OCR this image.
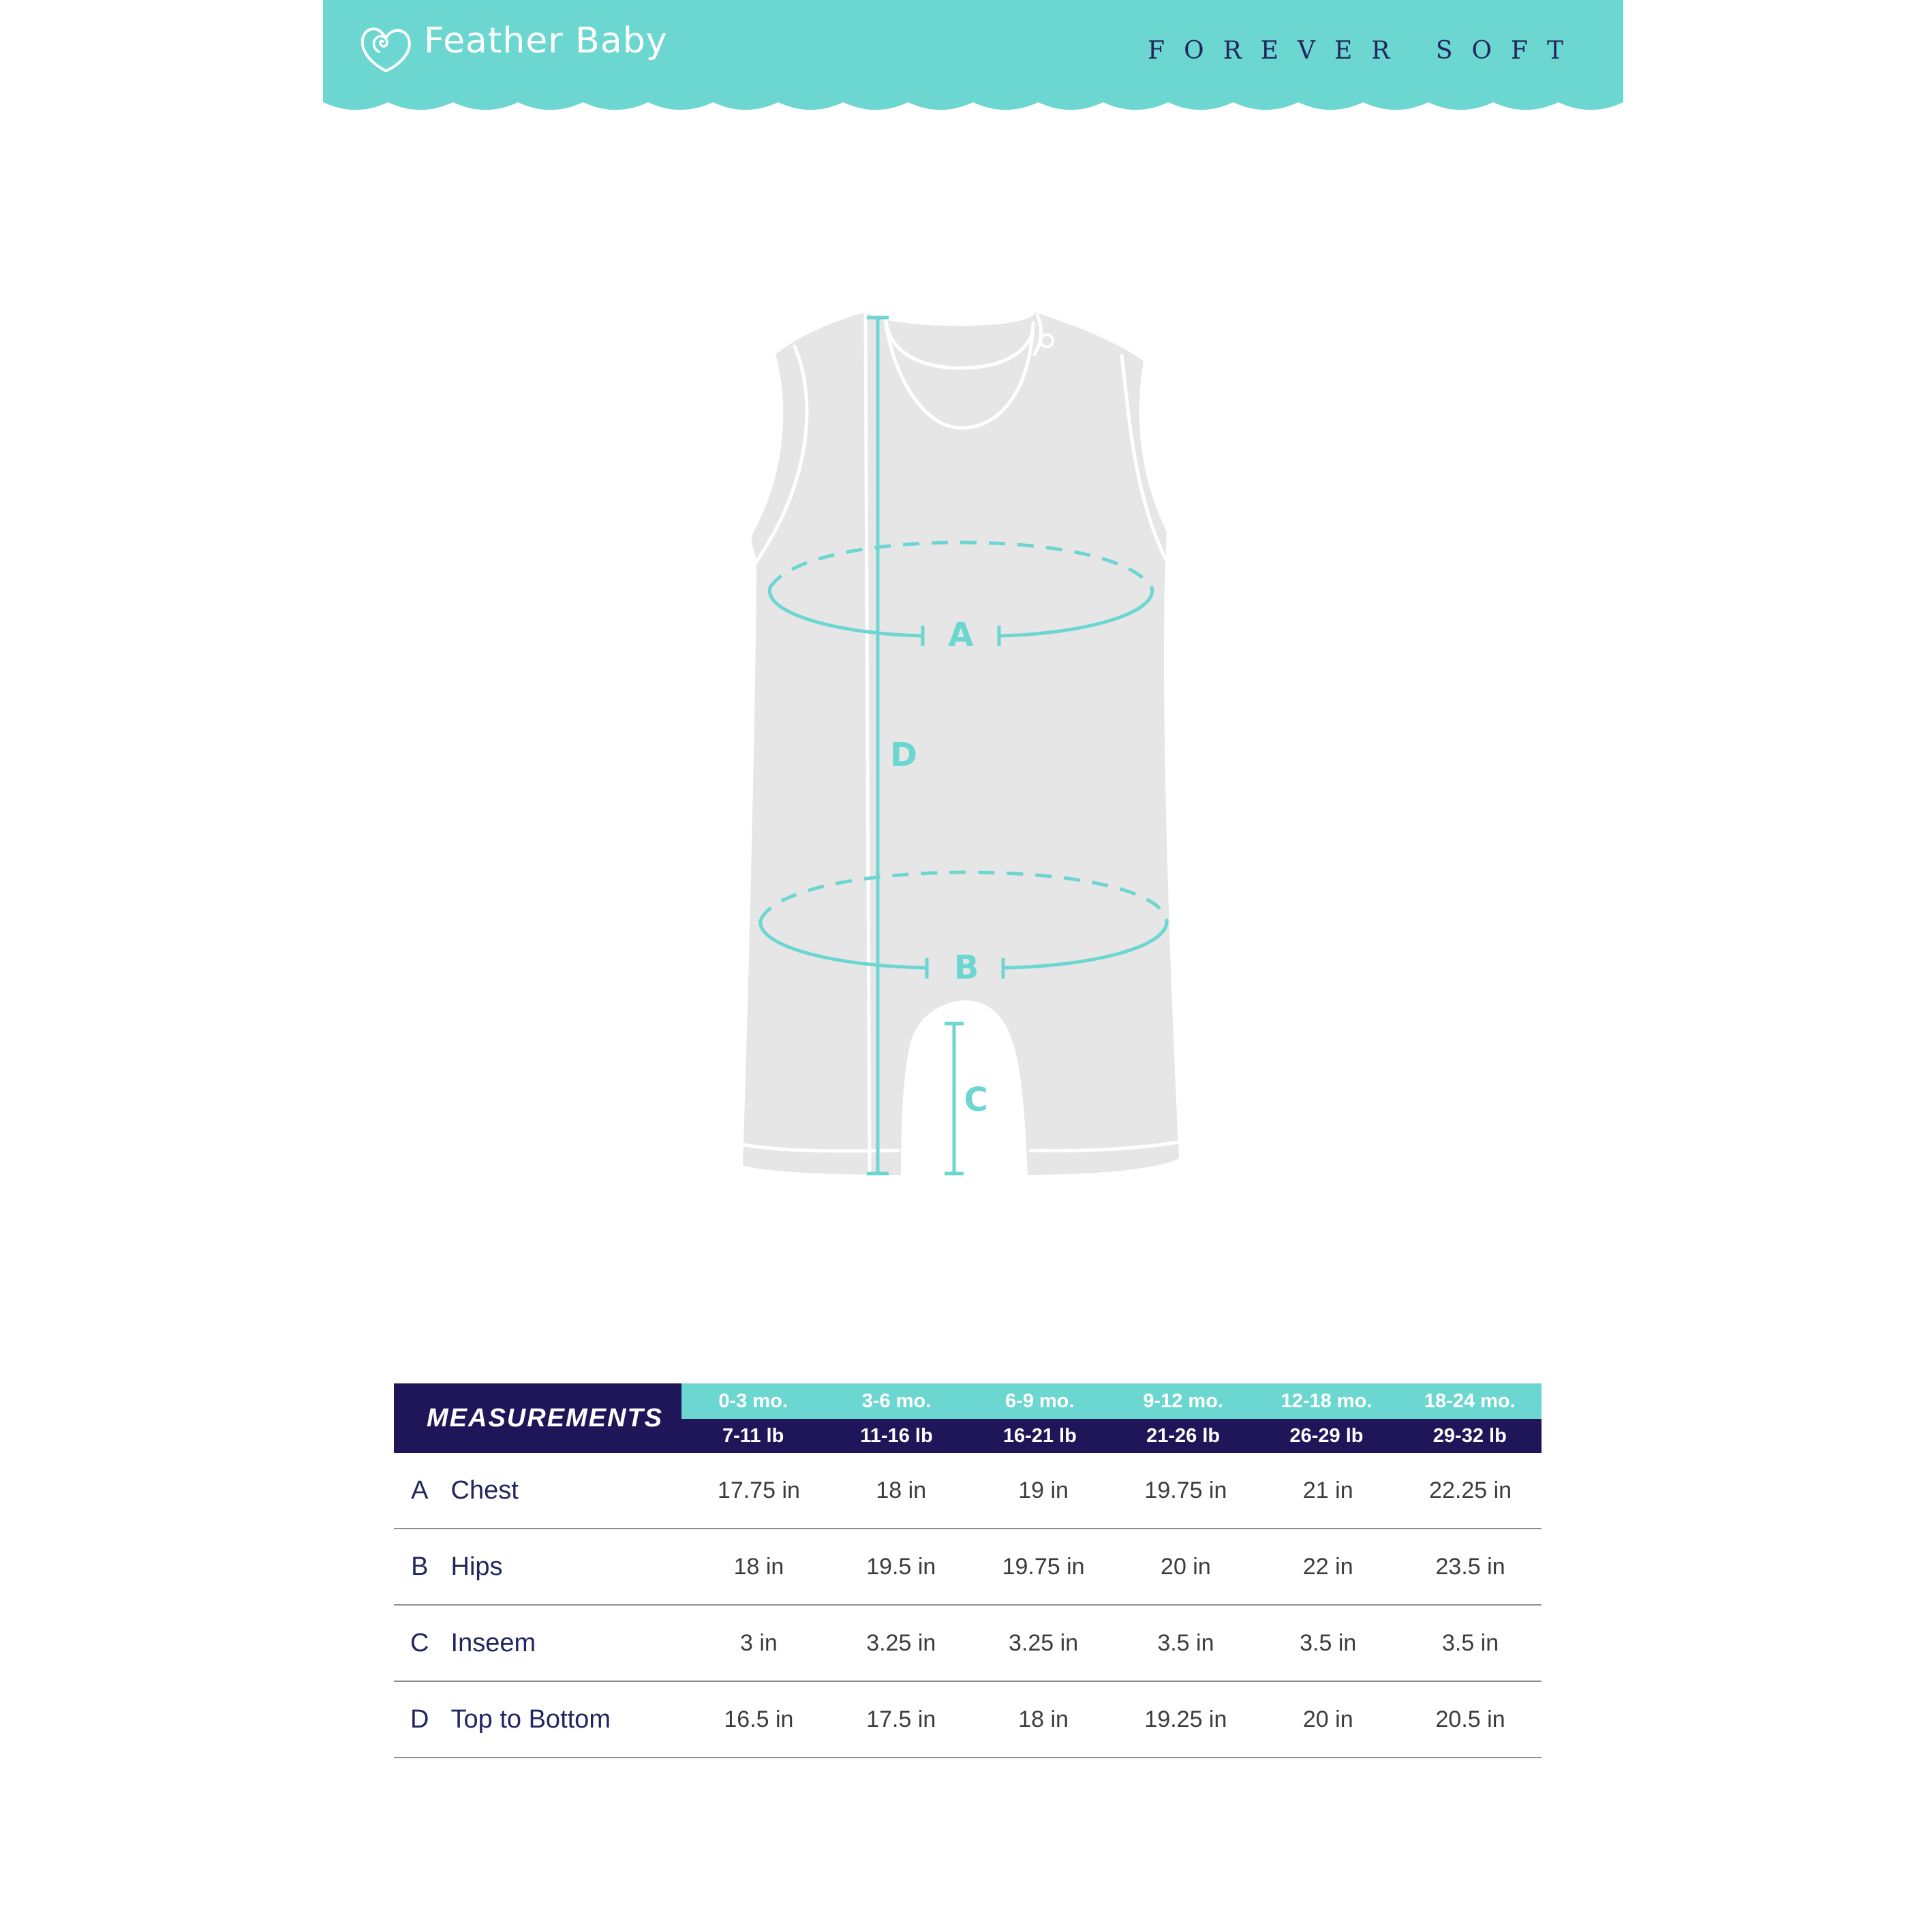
Feather Baby	FOREVER SOFT
A
B
C
D
MEASUREMENTS
0-3 mo.	3-6 mo.	6-9 mo.	9-12 mo.	12-18 mo.	18-24 mo.
7-11 lb	11-16 lb	16-21 lb	21-26 lb	26-29 lb	29-32 lb
A Chest	17.75 in	18 in	19 in	19.75 in	21 in	22.25 in
B Hips	18 in	19.5 in	19.75 in	20 in	22 in	23.5 in
C Inseem	3 in	3.25 in	3.25 in	3.5 in	3.5 in	3.5 in
D Top to Bottom	16.5 in	17.5 in	18 in	19.25 in	20 in	20.5 in
